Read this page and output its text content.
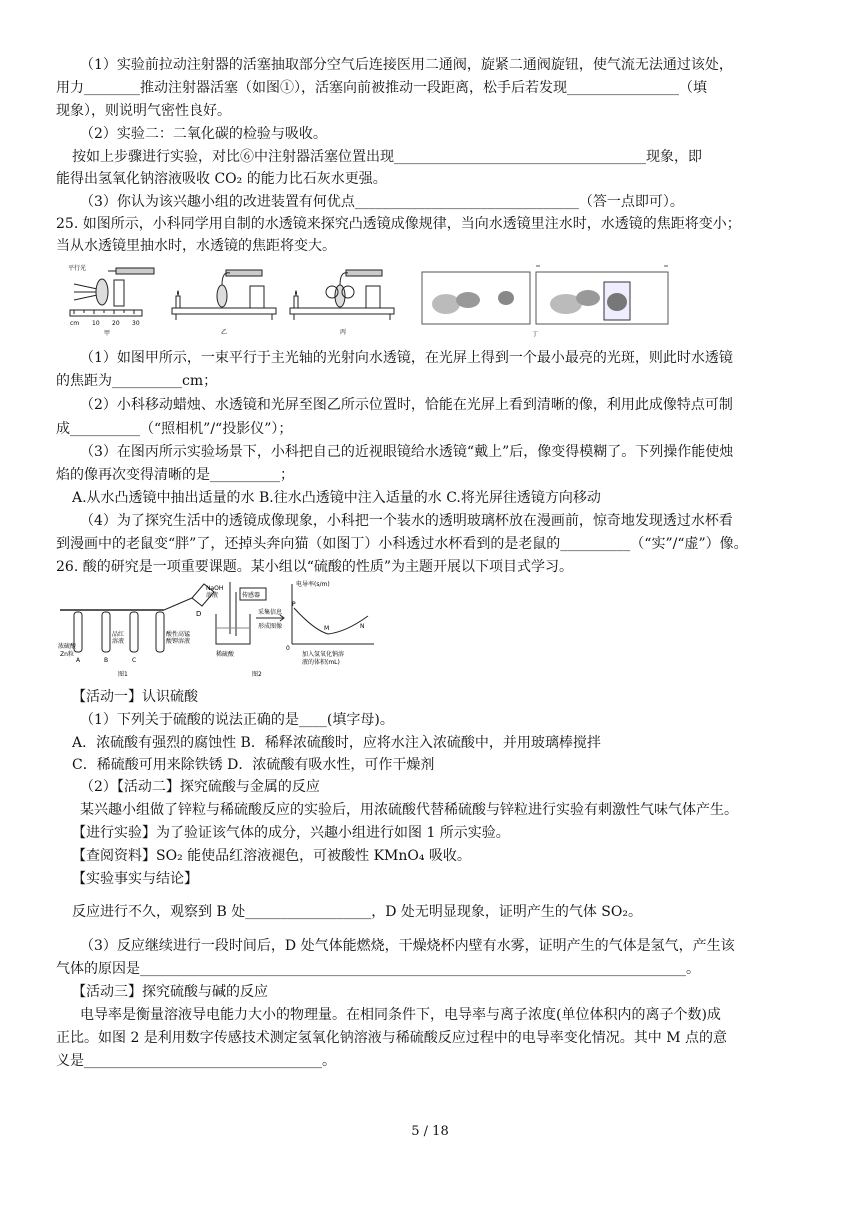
（1）实验前拉动注射器的活塞抽取部分空气后连接医用二通阀，旋紧二通阀旋钮，使气流无法通过该处，
用力________推动注射器活塞（如图①），活塞向前被推动一段距离，松手后若发现________________（填
现象），则说明气密性良好。
（2）实验二：二氧化碳的检验与吸收。
按如上步骤进行实验，对比⑥中注射器活塞位置出现____________________________________现象，即
能得出氢氧化钠溶液吸收 CO₂ 的能力比石灰水更强。
（3）你认为该兴趣小组的改进装置有何优点________________________________（答一点即可）。
25. 如图所示，小科同学用自制的水透镜来探究凸透镜成像规律，当向水透镜里注水时，水透镜的焦距将变小；
当从水透镜里抽水时，水透镜的焦距将变大。
平行光
cm 10 20 30
甲	乙	丙	丁
（1）如图甲所示，一束平行于主光轴的光射向水透镜，在光屏上得到一个最小最亮的光斑，则此时水透镜
的焦距为__________cm；
（2）小科移动蜡烛、水透镜和光屏至图乙所示位置时，恰能在光屏上看到清晰的像，利用此成像特点可制
成__________（“照相机”/“投影仪”）；
（3）在图丙所示实验场景下，小科把自己的近视眼镜给水透镜“戴上”后，像变得模糊了。下列操作能使烛
焰的像再次变得清晰的是__________；
A.从水凸透镜中抽出适量的水 B.往水凸透镜中注入适量的水 C.将光屏往透镜方向移动
（4）为了探究生活中的透镜成像现象，小科把一个装水的透明玻璃杯放在漫画前，惊奇地发现透过水杯看
到漫画中的老鼠变“胖”了，还掉头奔向猫（如图丁）小科透过水杯看到的是老鼠的__________（“实”/“虚”）像。
26. 酸的研究是一项重要课题。某小组以“硫酸的性质”为主题开展以下项目式学习。
浓硫酸
Zn粒
品红
溶液
酸性高锰
酸钾溶液
D
A	B	C
图1
NaOH
溶液	传感器
稀硫酸
采集信息
形成图像
电导率(s/m)
P
M	N
0
加入氢氧化钠溶
液的体积(mL)
图2
【活动一】认识硫酸
（1）下列关于硫酸的说法正确的是____(填字母)。
A．浓硫酸有强烈的腐蚀性 B．稀释浓硫酸时，应将水注入浓硫酸中，并用玻璃棒搅拌
C．稀硫酸可用来除铁锈 D．浓硫酸有吸水性，可作干燥剂
（2）【活动二】探究硫酸与金属的反应
某兴趣小组做了锌粒与稀硫酸反应的实验后，用浓硫酸代替稀硫酸与锌粒进行实验有刺激性气味气体产生。
【进行实验】为了验证该气体的成分，兴趣小组进行如图 1 所示实验。
【查阅资料】SO₂ 能使品红溶液褪色，可被酸性 KMnO₄ 吸收。
【实验事实与结论】
反应进行不久，观察到 B 处__________________，D 处无明显现象，证明产生的气体 SO₂。
（3）反应继续进行一段时间后，D 处气体能燃烧，干燥烧杯内壁有水雾，证明产生的气体是氢气，产生该
气体的原因是______________________________________________________________________________。
【活动三】探究硫酸与碱的反应
电导率是衡量溶液导电能力大小的物理量。在相同条件下，电导率与离子浓度(单位体积内的离子个数)成
正比。如图 2 是利用数字传感技术测定氢氧化钠溶液与稀硫酸反应过程中的电导率变化情况。其中 M 点的意
义是__________________________________。
5 / 18
